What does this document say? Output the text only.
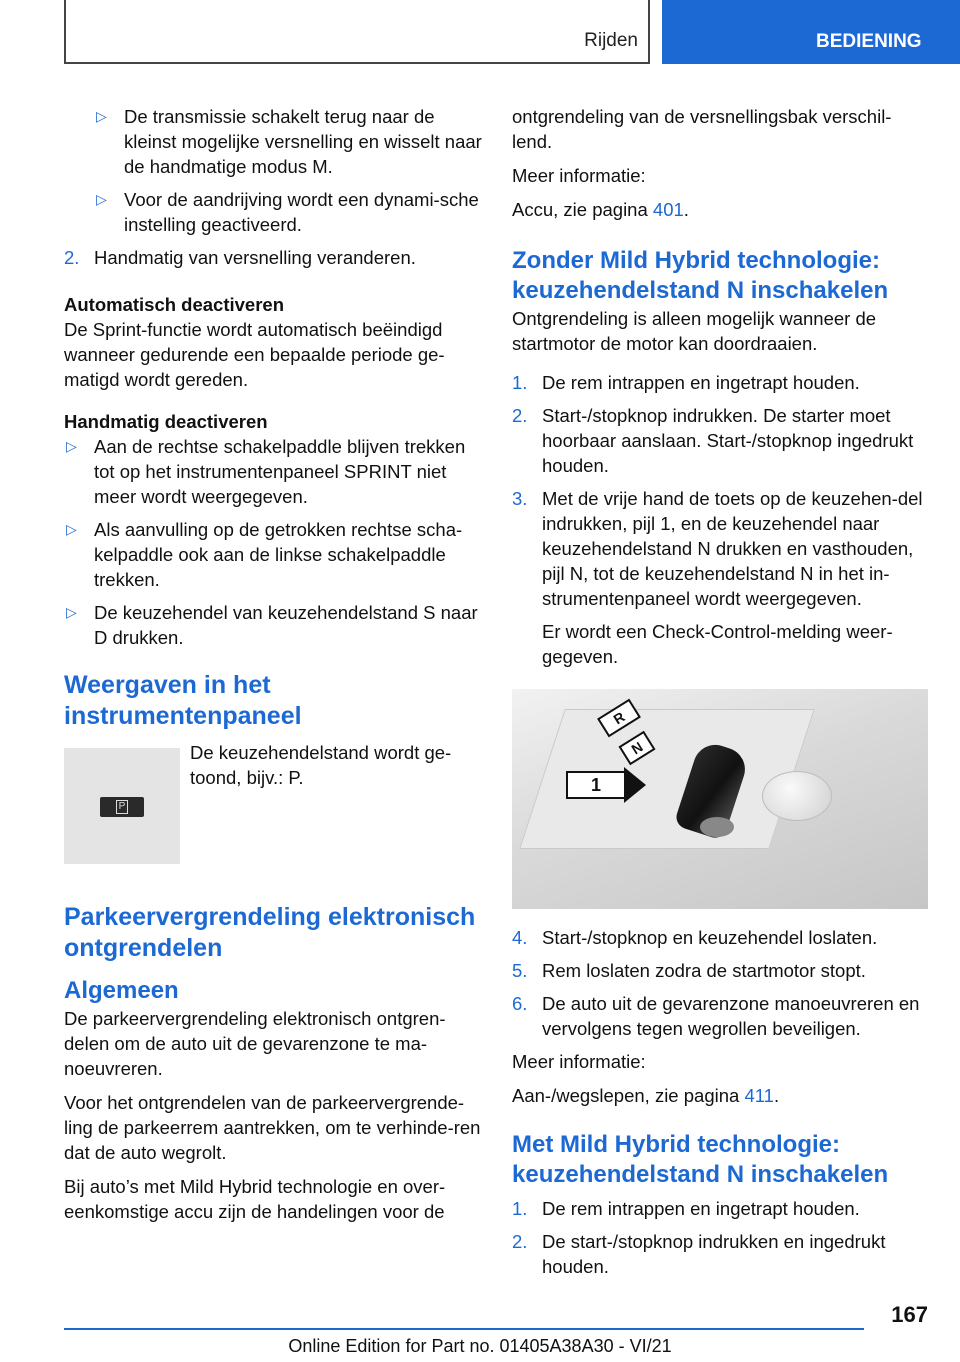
Rijden	BEDIENING
▷ De transmissie schakelt terug naar de kleinst mogelijke versnelling en wisselt naar de handmatige modus M.
▷ Voor de aandrijving wordt een dynami-sche instelling geactiveerd.
2. Handmatig van versnelling veranderen.

Automatisch deactiveren

De Sprint-functie wordt automatisch beëindigd wanneer gedurende een bepaalde periode ge-matigd wordt gereden.

Handmatig deactiveren

▷ Aan de rechtse schakelpaddle blijven trekken tot op het instrumentenpaneel SPRINT niet meer wordt weergegeven.
▷ Als aanvulling op de getrokken rechtse scha-kelpaddle ook aan de linkse schakelpaddle trekken.
▷ De keuzehendel van keuzehendelstand S naar D drukken.
Weergaven in het instrumentenpaneel
P
De keuzehendelstand wordt ge-toond, bijv.: P.
Parkeervergrendeling elektronisch ontgrendelen
Algemeen

De parkeervergrendeling elektronisch ontgren-delen om de auto uit de gevarenzone te ma-noeuvreren.

Voor het ontgrendelen van de parkeervergrende-ling de parkeerrem aantrekken, om te verhinde-ren dat de auto wegrolt.

Bij auto’s met Mild Hybrid technologie en over-eenkomstige accu zijn de handelingen voor de

ontgrendeling van de versnellingsbak verschil-lend.

Meer informatie:

Accu, zie pagina 401.

Zonder Mild Hybrid technologie: keuzehendelstand N inschakelen

Ontgrendeling is alleen mogelijk wanneer de startmotor de motor kan doordraaien.

1. De rem intrappen en ingetrapt houden.
2. Start-/stopknop indrukken. De starter moet hoorbaar aanslaan. Start-/stopknop ingedrukt houden.
3. Met de vrije hand de toets op de keuzehen-del indrukken, pijl 1, en de keuzehendel naar keuzehendelstand N drukken en vasthouden, pijl N, tot de keuzehendelstand N in het in-strumentenpaneel wordt weergegeven.

Er wordt een Check-Control-melding weer-gegeven.

R
N
1
4. Start-/stopknop en keuzehendel loslaten.
5. Rem loslaten zodra de startmotor stopt.
6. De auto uit de gevarenzone manoeuvreren en vervolgens tegen wegrollen beveiligen.

Meer informatie:

Aan-/wegslepen, zie pagina 411.

Met Mild Hybrid technologie: keuzehendelstand N inschakelen
1. De rem intrappen en ingetrapt houden.
2. De start-/stopknop indrukken en ingedrukt houden.
167
Online Edition for Part no. 01405A38A30 - VI/21
